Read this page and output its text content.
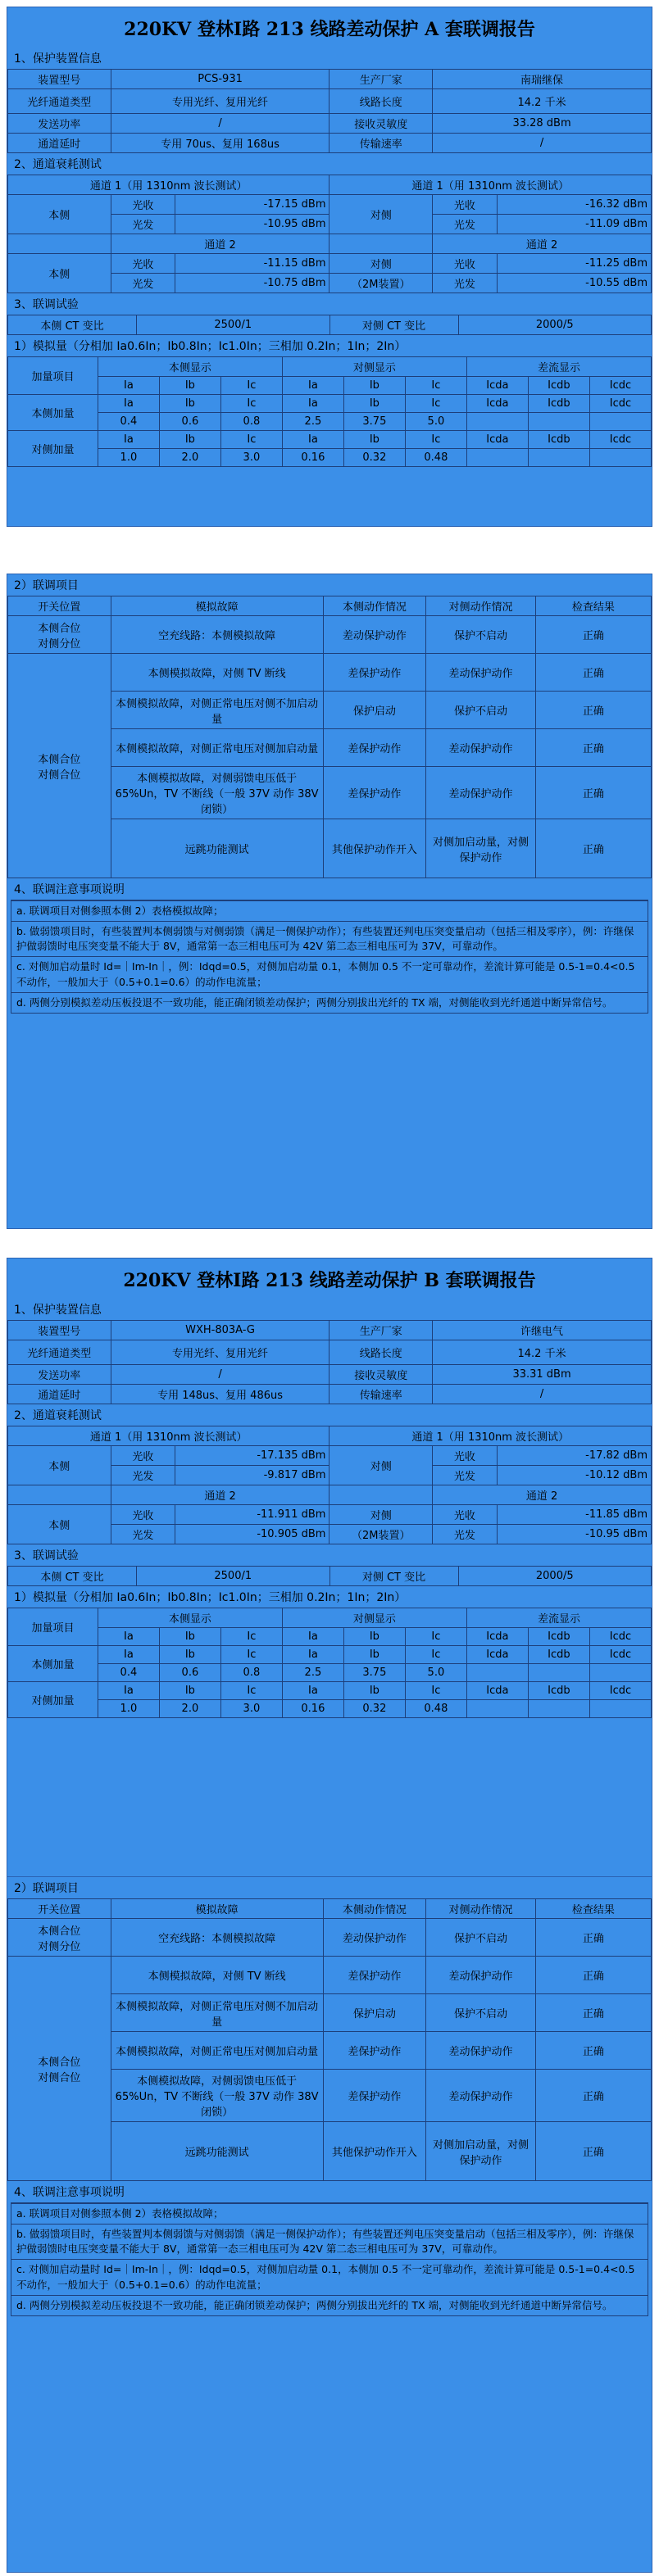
220KV 登林Ⅰ路 213 线路差动保护 A 套联调报告
1、保护装置信息
装置型号	PCS-931	生产厂家	南瑞继保
光纤通道类型	专用光纤、复用光纤	线路长度	14.2 千米
发送功率	/	接收灵敏度	33.28 dBm
通道延时	专用 70us、复用 168us	传输速率	/
2、通道衰耗测试
通道 1（用 1310nm 波长测试）			通道 1（用 1310nm 波长测试）		
本侧	光收	-17.15 dBm	对侧	光收	-16.32 dBm
	光发	-10.95 dBm		光发	-11.09 dBm
	通道 2			通道 2	
本侧	光收	-11.15 dBm	对侧	光收	-11.25 dBm
	光发	-10.75 dBm	（2M装置）	光发	-10.55 dBm
3、联调试验
本侧 CT 变比	2500/1	对侧 CT 变比	2000/5
1）模拟量（分相加 Ia0.6In；Ib0.8In；Ic1.0In；三相加 0.2In；1In；2In）
加量项目	本侧显示			对侧显示			差流显示		
	Ia	Ib	Ic	Ia	Ib	Ic	Icda	Icdb	Icdc
本侧加量	Ia	Ib	Ic	Ia	Ib	Ic	Icda	Icdb	Icdc
	0.4	0.6	0.8	2.5	3.75	5.0			
对侧加量	Ia	Ib	Ic	Ia	Ib	Ic	Icda	Icdb	Icdc
	1.0	2.0	3.0	0.16	0.32	0.48			
2）联调项目
开关位置	模拟故障	本侧动作情况	对侧动作情况	检查结果
本侧合位
对侧分位	空充线路：本侧模拟故障	差动保护动作	保护不启动	正确
本侧合位
对侧合位	本侧模拟故障，对侧 TV 断线	差保护动作	差动保护动作	正确
	本侧模拟故障，对侧正常电压对侧不加启动量	保护启动	保护不启动	正确
	本侧模拟故障，对侧正常电压对侧加启动量	差保护动作	差动保护动作	正确
	本侧模拟故障，对侧弱馈电压低于 65%Un，TV 不断线（一般 37V 动作 38V 闭锁）	差保护动作	差动保护动作	正确
	远跳功能测试	其他保护动作开入	对侧加启动量，对侧保护动作	正确
4、联调注意事项说明
a. 联调项目对侧参照本侧 2）表格模拟故障；
b. 做弱馈项目时，有些装置判本侧弱馈与对侧弱馈（满足一侧保护动作）；有些装置还判电压突变量启动（包括三相及零序），例：许继保护做弱馈时电压突变量不能大于 8V，通常第一态三相电压可为 42V 第二态三相电压可为 37V，可靠动作。
c. 对侧加启动量时 Id=｜Im-In｜，例：Idqd=0.5，对侧加启动量 0.1，本侧加 0.5 不一定可靠动作，差流计算可能是 0.5-1=0.4<0.5 不动作，一般加大于（0.5+0.1=0.6）的动作电流量；
d. 两侧分别模拟差动压板投退不一致功能，能正确闭锁差动保护；两侧分别拔出光纤的 TX 端，对侧能收到光纤通道中断异常信号。
220KV 登林Ⅰ路 213 线路差动保护 B 套联调报告
1、保护装置信息
装置型号	WXH-803A-G	生产厂家	许继电气
光纤通道类型	专用光纤、复用光纤	线路长度	14.2 千米
发送功率	/	接收灵敏度	33.31 dBm
通道延时	专用 148us、复用 486us	传输速率	/
2、通道衰耗测试
通道 1（用 1310nm 波长测试）			通道 1（用 1310nm 波长测试）		
本侧	光收	-17.135 dBm	对侧	光收	-17.82 dBm
	光发	-9.817 dBm		光发	-10.12 dBm
	通道 2			通道 2	
本侧	光收	-11.911 dBm	对侧	光收	-11.85 dBm
	光发	-10.905 dBm	（2M装置）	光发	-10.95 dBm
3、联调试验
本侧 CT 变比	2500/1	对侧 CT 变比	2000/5
1）模拟量（分相加 Ia0.6In；Ib0.8In；Ic1.0In；三相加 0.2In；1In；2In）
加量项目	本侧显示			对侧显示			差流显示		
	Ia	Ib	Ic	Ia	Ib	Ic	Icda	Icdb	Icdc
本侧加量	Ia	Ib	Ic	Ia	Ib	Ic	Icda	Icdb	Icdc
	0.4	0.6	0.8	2.5	3.75	5.0			
对侧加量	Ia	Ib	Ic	Ia	Ib	Ic	Icda	Icdb	Icdc
	1.0	2.0	3.0	0.16	0.32	0.48			
2）联调项目
开关位置	模拟故障	本侧动作情况	对侧动作情况	检查结果
本侧合位
对侧分位	空充线路：本侧模拟故障	差动保护动作	保护不启动	正确
本侧合位
对侧合位	本侧模拟故障，对侧 TV 断线	差保护动作	差动保护动作	正确
	本侧模拟故障，对侧正常电压对侧不加启动量	保护启动	保护不启动	正确
	本侧模拟故障，对侧正常电压对侧加启动量	差保护动作	差动保护动作	正确
	本侧模拟故障，对侧弱馈电压低于 65%Un，TV 不断线（一般 37V 动作 38V 闭锁）	差保护动作	差动保护动作	正确
	远跳功能测试	其他保护动作开入	对侧加启动量，对侧保护动作	正确
4、联调注意事项说明
a. 联调项目对侧参照本侧 2）表格模拟故障；
b. 做弱馈项目时，有些装置判本侧弱馈与对侧弱馈（满足一侧保护动作）；有些装置还判电压突变量启动（包括三相及零序），例：许继保护做弱馈时电压突变量不能大于 8V，通常第一态三相电压可为 42V 第二态三相电压可为 37V，可靠动作。
c. 对侧加启动量时 Id=｜Im-In｜，例：Idqd=0.5，对侧加启动量 0.1，本侧加 0.5 不一定可靠动作，差流计算可能是 0.5-1=0.4<0.5 不动作，一般加大于（0.5+0.1=0.6）的动作电流量；
d. 两侧分别模拟差动压板投退不一致功能，能正确闭锁差动保护；两侧分别拔出光纤的 TX 端，对侧能收到光纤通道中断异常信号。
